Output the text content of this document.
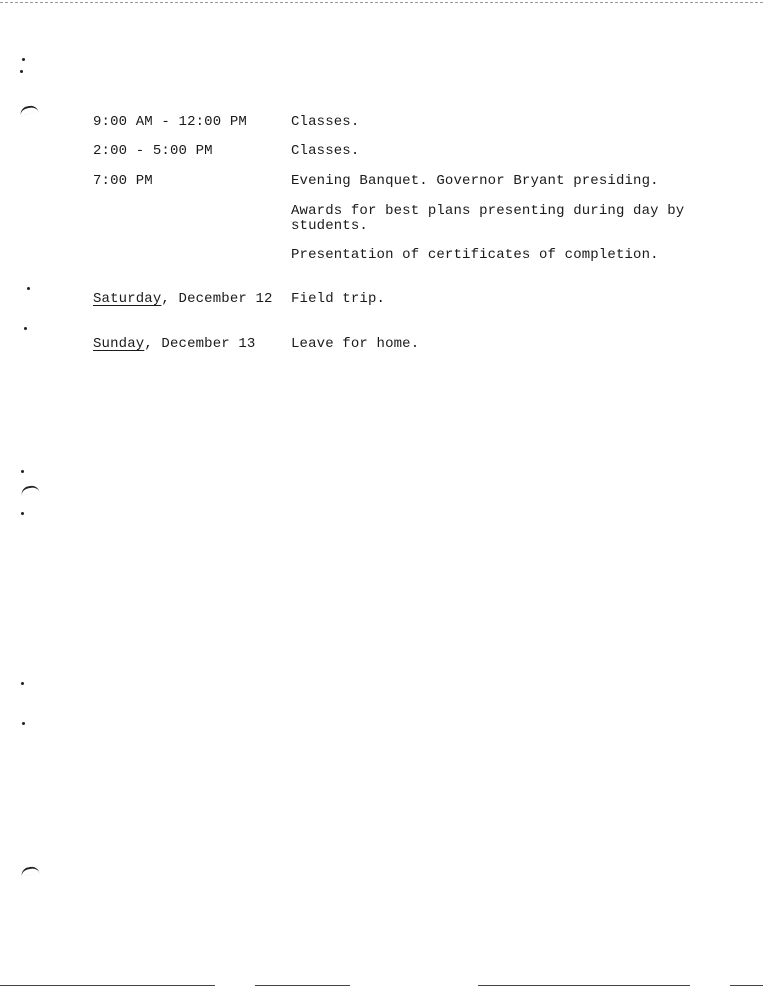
9:00 AM - 12:00 PM	Classes.
2:00 - 5:00 PM	Classes.
7:00 PM	Evening Banquet. Governor Bryant presiding.
Awards for best plans presenting during day by students.
Presentation of certificates of completion.
Saturday, December 12 Field trip.
Sunday, December 13	Leave for home.
